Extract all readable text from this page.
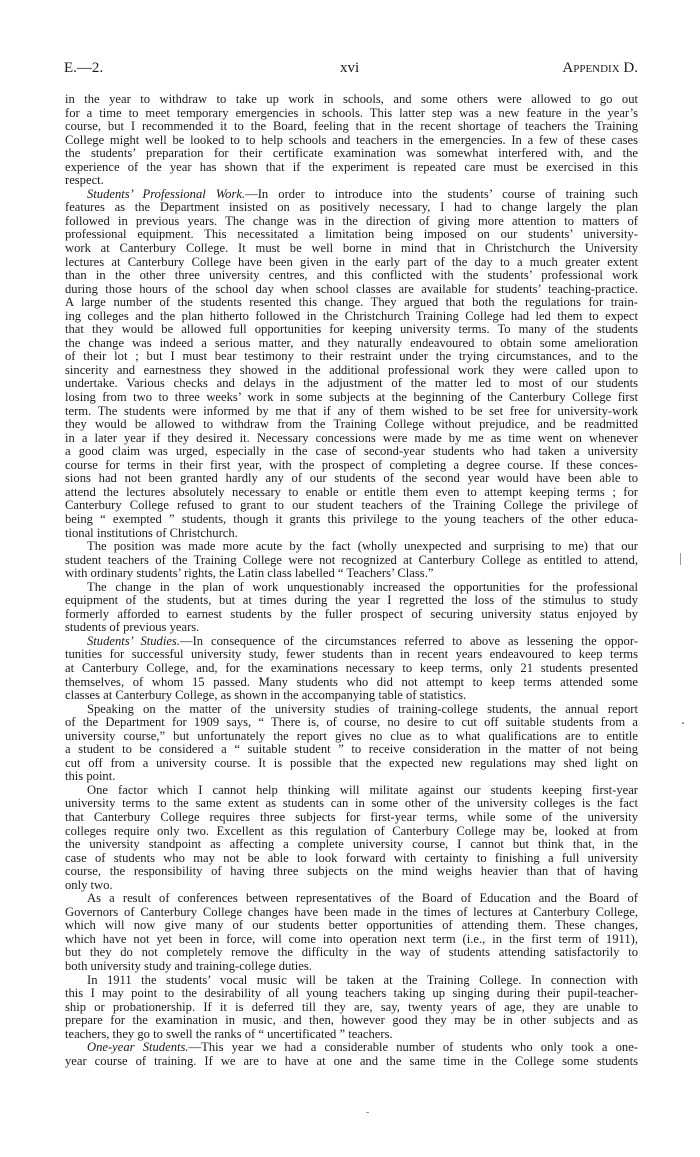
E.—2.	xvi	Appendix D.
in the year to withdraw to take up work in schools, and some others were allowed to go out
for a time to meet temporary emergencies in schools. This latter step was a new feature in the year’s
course, but I recommended it to the Board, feeling that in the recent shortage of teachers the Training
College might well be looked to to help schools and teachers in the emergencies. In a few of these cases
the students’ preparation for their certificate examination was somewhat interfered with, and the
experience of the year has shown that if the experiment is repeated care must be exercised in this
respect.
Students’ Professional Work.—In order to introduce into the students’ course of training such
features as the Department insisted on as positively necessary, I had to change largely the plan
followed in previous years. The change was in the direction of giving more attention to matters of
professional equipment. This necessitated a limitation being imposed on our students’ university-
work at Canterbury College. It must be well borne in mind that in Christchurch the University
lectures at Canterbury College have been given in the early part of the day to a much greater extent
than in the other three university centres, and this conflicted with the students’ professional work
during those hours of the school day when school classes are available for students’ teaching-practice.
A large number of the students resented this change. They argued that both the regulations for train-
ing colleges and the plan hitherto followed in the Christchurch Training College had led them to expect
that they would be allowed full opportunities for keeping university terms. To many of the students
the change was indeed a serious matter, and they naturally endeavoured to obtain some amelioration
of their lot ; but I must bear testimony to their restraint under the trying circumstances, and to the
sincerity and earnestness they showed in the additional professional work they were called upon to
undertake. Various checks and delays in the adjustment of the matter led to most of our students
losing from two to three weeks’ work in some subjects at the beginning of the Canterbury College first
term. The students were informed by me that if any of them wished to be set free for university-work
they would be allowed to withdraw from the Training College without prejudice, and be readmitted
in a later year if they desired it. Necessary concessions were made by me as time went on whenever
a good claim was urged, especially in the case of second-year students who had taken a university
course for terms in their first year, with the prospect of completing a degree course. If these conces-
sions had not been granted hardly any of our students of the second year would have been able to
attend the lectures absolutely necessary to enable or entitle them even to attempt keeping terms ; for
Canterbury College refused to grant to our student teachers of the Training College the privilege of
being “ exempted ” students, though it grants this privilege to the young teachers of the other educa-
tional institutions of Christchurch.
The position was made more acute by the fact (wholly unexpected and surprising to me) that our
student teachers of the Training College were not recognized at Canterbury College as entitled to attend,
with ordinary students’ rights, the Latin class labelled “ Teachers’ Class.”
The change in the plan of work unquestionably increased the opportunities for the professional
equipment of the students, but at times during the year I regretted the loss of the stimulus to study
formerly afforded to earnest students by the fuller prospect of securing university status enjoyed by
students of previous years.
Students’ Studies.—In consequence of the circumstances referred to above as lessening the oppor-
tunities for successful university study, fewer students than in recent years endeavoured to keep terms
at Canterbury College, and, for the examinations necessary to keep terms, only 21 students presented
themselves, of whom 15 passed. Many students who did not attempt to keep terms attended some
classes at Canterbury College, as shown in the accompanying table of statistics.
Speaking on the matter of the university studies of training-college students, the annual report
of the Department for 1909 says, “ There is, of course, no desire to cut off suitable students from a
university course,” but unfortunately the report gives no clue as to what qualifications are to entitle
a student to be considered a “ suitable student ” to receive consideration in the matter of not being
cut off from a university course. It is possible that the expected new regulations may shed light on
this point.
One factor which I cannot help thinking will militate against our students keeping first-year
university terms to the same extent as students can in some other of the university colleges is the fact
that Canterbury College requires three subjects for first-year terms, while some of the university
colleges require only two. Excellent as this regulation of Canterbury College may be, looked at from
the university standpoint as affecting a complete university course, I cannot but think that, in the
case of students who may not be able to look forward with certainty to finishing a full university
course, the responsibility of having three subjects on the mind weighs heavier than that of having
only two.
As a result of conferences between representatives of the Board of Education and the Board of
Governors of Canterbury College changes have been made in the times of lectures at Canterbury College,
which will now give many of our students better opportunities of attending them. These changes,
which have not yet been in force, will come into operation next term (i.e., in the first term of 1911),
but they do not completely remove the difficulty in the way of students attending satisfactorily to
both university study and training-college duties.
In 1911 the students’ vocal music will be taken at the Training College. In connection with
this I may point to the desirability of all young teachers taking up singing during their pupil-teacher-
ship or probationership. If it is deferred till they are, say, twenty years of age, they are unable to
prepare for the examination in music, and then, however good they may be in other subjects and as
teachers, they go to swell the ranks of “ uncertificated ” teachers.
One-year Students.—This year we had a considerable number of students who only took a one-
year course of training. If we are to have at one and the same time in the College some students
